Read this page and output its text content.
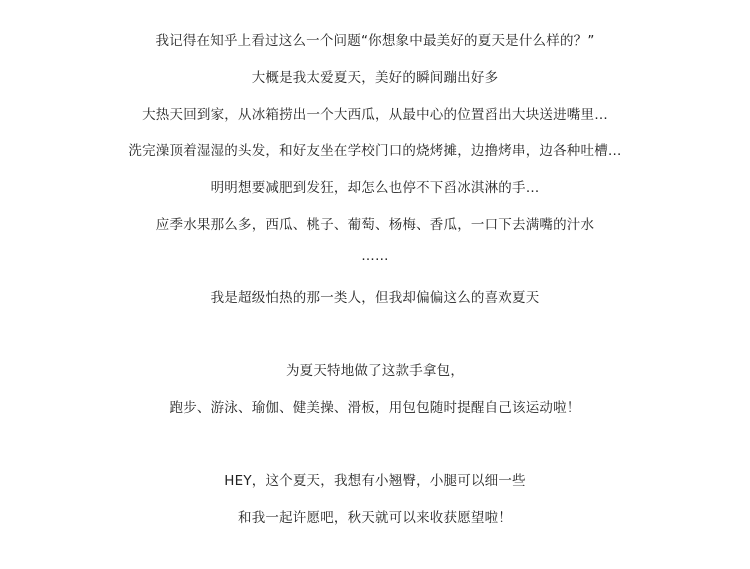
我记得在知乎上看过这么一个问题“你想象中最美好的夏天是什么样的？”
大概是我太爱夏天，美好的瞬间蹦出好多
大热天回到家，从冰箱捞出一个大西瓜，从最中心的位置舀出大块送进嘴里…
洗完澡顶着湿湿的头发，和好友坐在学校门口的烧烤摊，边撸烤串，边各种吐槽…
明明想要减肥到发狂，却怎么也停不下舀冰淇淋的手…
应季水果那么多，西瓜、桃子、葡萄、杨梅、香瓜，一口下去满嘴的汁水
……
我是超级怕热的那一类人，但我却偏偏这么的喜欢夏天
为夏天特地做了这款手拿包，
跑步、游泳、瑜伽、健美操、滑板，用包包随时提醒自己该运动啦！
HEY，这个夏天，我想有小翘臀，小腿可以细一些
和我一起许愿吧，秋天就可以来收获愿望啦！
